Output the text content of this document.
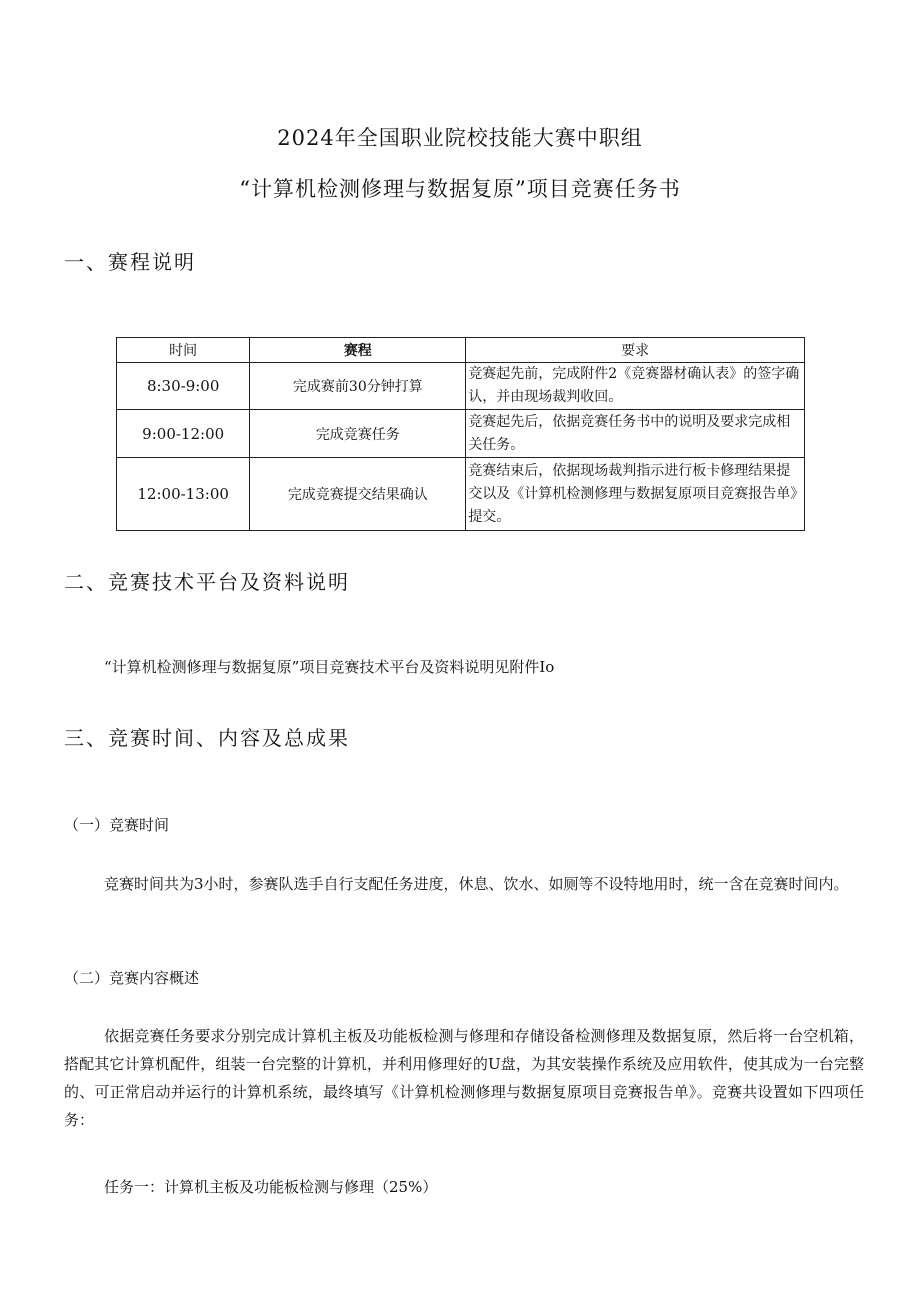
2024年全国职业院校技能大赛中职组
“计算机检测修理与数据复原”项目竞赛任务书
一、赛程说明
时间	赛程	要求
8:30-9:00	完成赛前30分钟打算	竞赛起先前，完成附件2《竞赛器材确认表》的签字确认，并由现场裁判收回。
9:00-12:00	完成竞赛任务	竞赛起先后，依据竞赛任务书中的说明及要求完成相关任务。
12:00-13:00	完成竞赛提交结果确认	竞赛结束后，依据现场裁判指示进行板卡修理结果提交以及《计算机检测修理与数据复原项目竞赛报告单》提交。
二、竞赛技术平台及资料说明
“计算机检测修理与数据复原”项目竞赛技术平台及资料说明见附件Io
三、竞赛时间、内容及总成果
（一）竞赛时间
竞赛时间共为3小时，参赛队选手自行支配任务进度，休息、饮水、如厕等不设特地用时，统一含在竞赛时间内。
（二）竞赛内容概述
依据竞赛任务要求分别完成计算机主板及功能板检测与修理和存储设备检测修理及数据复原，然后将一台空机箱，搭配其它计算机配件，组装一台完整的计算机，并利用修理好的U盘，为其安装操作系统及应用软件，使其成为一台完整的、可正常启动并运行的计算机系统，最终填写《计算机检测修理与数据复原项目竞赛报告单》。竞赛共设置如下四项任务：
任务一：计算机主板及功能板检测与修理（25%）
